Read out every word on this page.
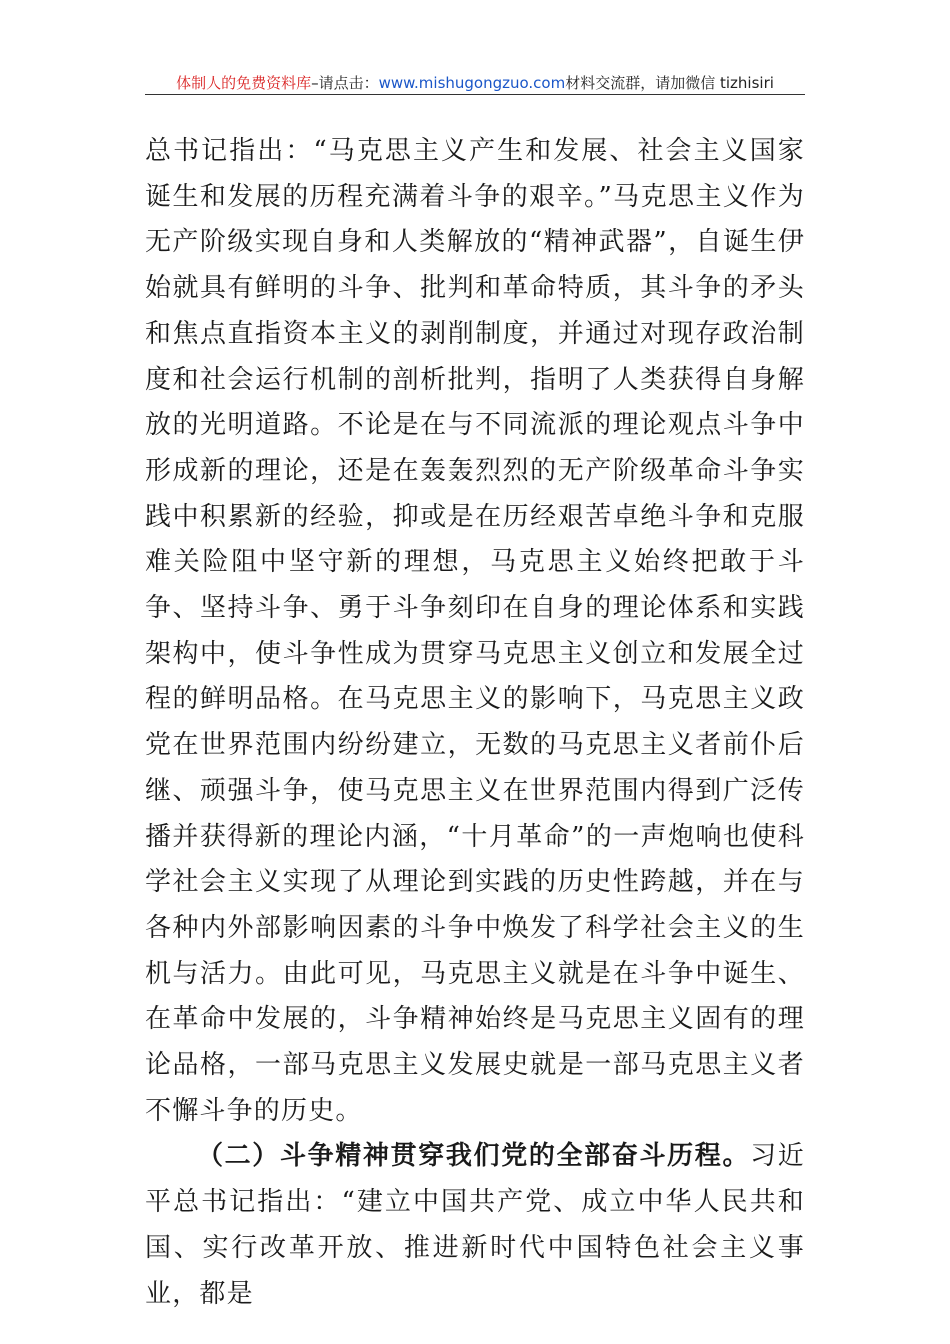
体制人的免费资料库–请点击：www.mishugongzuo.com材料交流群，请加微信 tizhisiri

总书记指出：“马克思主义产生和发展、社会主义国家诞生和发展的历程充满着斗争的艰辛。”马克思主义作为无产阶级实现自身和人类解放的“精神武器”，自诞生伊始就具有鲜明的斗争、批判和革命特质，其斗争的矛头和焦点直指资本主义的剥削制度，并通过对现存政治制度和社会运行机制的剖析批判，指明了人类获得自身解放的光明道路。不论是在与不同流派的理论观点斗争中形成新的理论，还是在轰轰烈烈的无产阶级革命斗争实践中积累新的经验，抑或是在历经艰苦卓绝斗争和克服难关险阻中坚守新的理想，马克思主义始终把敢于斗争、坚持斗争、勇于斗争刻印在自身的理论体系和实践架构中，使斗争性成为贯穿马克思主义创立和发展全过程的鲜明品格。在马克思主义的影响下，马克思主义政党在世界范围内纷纷建立，无数的马克思主义者前仆后继、顽强斗争，使马克思主义在世界范围内得到广泛传播并获得新的理论内涵，“十月革命”的一声炮响也使科学社会主义实现了从理论到实践的历史性跨越，并在与各种内外部影响因素的斗争中焕发了科学社会主义的生机与活力。由此可见，马克思主义就是在斗争中诞生、在革命中发展的，斗争精神始终是马克思主义固有的理论品格，一部马克思主义发展史就是一部马克思主义者不懈斗争的历史。

（二）斗争精神贯穿我们党的全部奋斗历程。习近平总书记指出：“建立中国共产党、成立中华人民共和国、实行改革开放、推进新时代中国特色社会主义事业，都是
